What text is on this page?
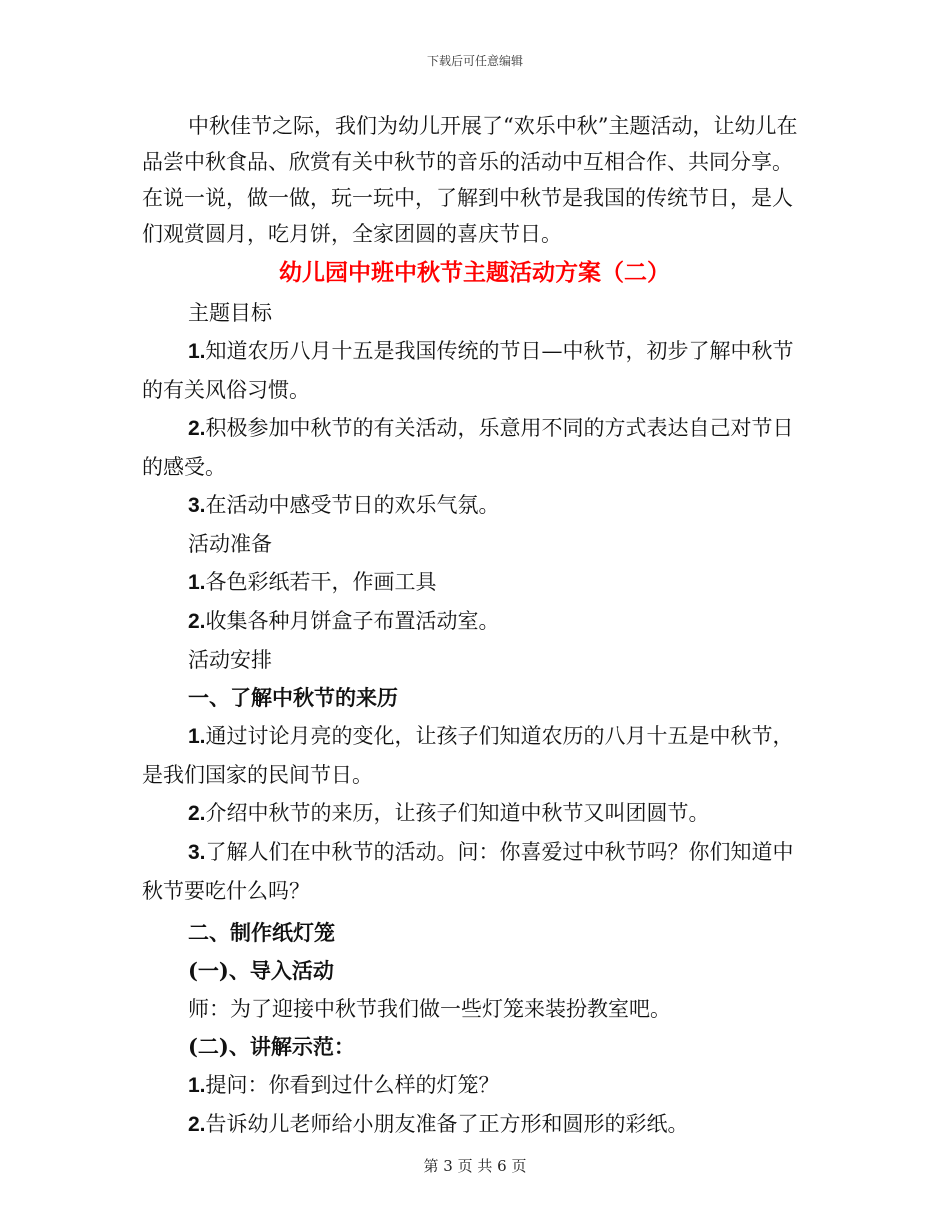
下载后可任意编辑

中秋佳节之际，我们为幼儿开展了“欢乐中秋”主题活动，让幼儿在品尝中秋食品、欣赏有关中秋节的音乐的活动中互相合作、共同分享。在说一说，做一做，玩一玩中，了解到中秋节是我国的传统节日，是人们观赏圆月，吃月饼，全家团圆的喜庆节日。

幼儿园中班中秋节主题活动方案（二）

主题目标

1.知道农历八月十五是我国传统的节日—中秋节，初步了解中秋节的有关风俗习惯。

2.积极参加中秋节的有关活动，乐意用不同的方式表达自己对节日的感受。

3.在活动中感受节日的欢乐气氛。

活动准备

1.各色彩纸若干，作画工具

2.收集各种月饼盒子布置活动室。

活动安排

一、了解中秋节的来历

1.通过讨论月亮的变化，让孩子们知道农历的八月十五是中秋节，是我们国家的民间节日。

2.介绍中秋节的来历，让孩子们知道中秋节又叫团圆节。

3.了解人们在中秋节的活动。问：你喜爱过中秋节吗？你们知道中秋节要吃什么吗？

二、制作纸灯笼

(一)、导入活动

师：为了迎接中秋节我们做一些灯笼来装扮教室吧。

(二)、讲解示范：

1.提问：你看到过什么样的灯笼？

2.告诉幼儿老师给小朋友准备了正方形和圆形的彩纸。

第 3 页 共 6 页
